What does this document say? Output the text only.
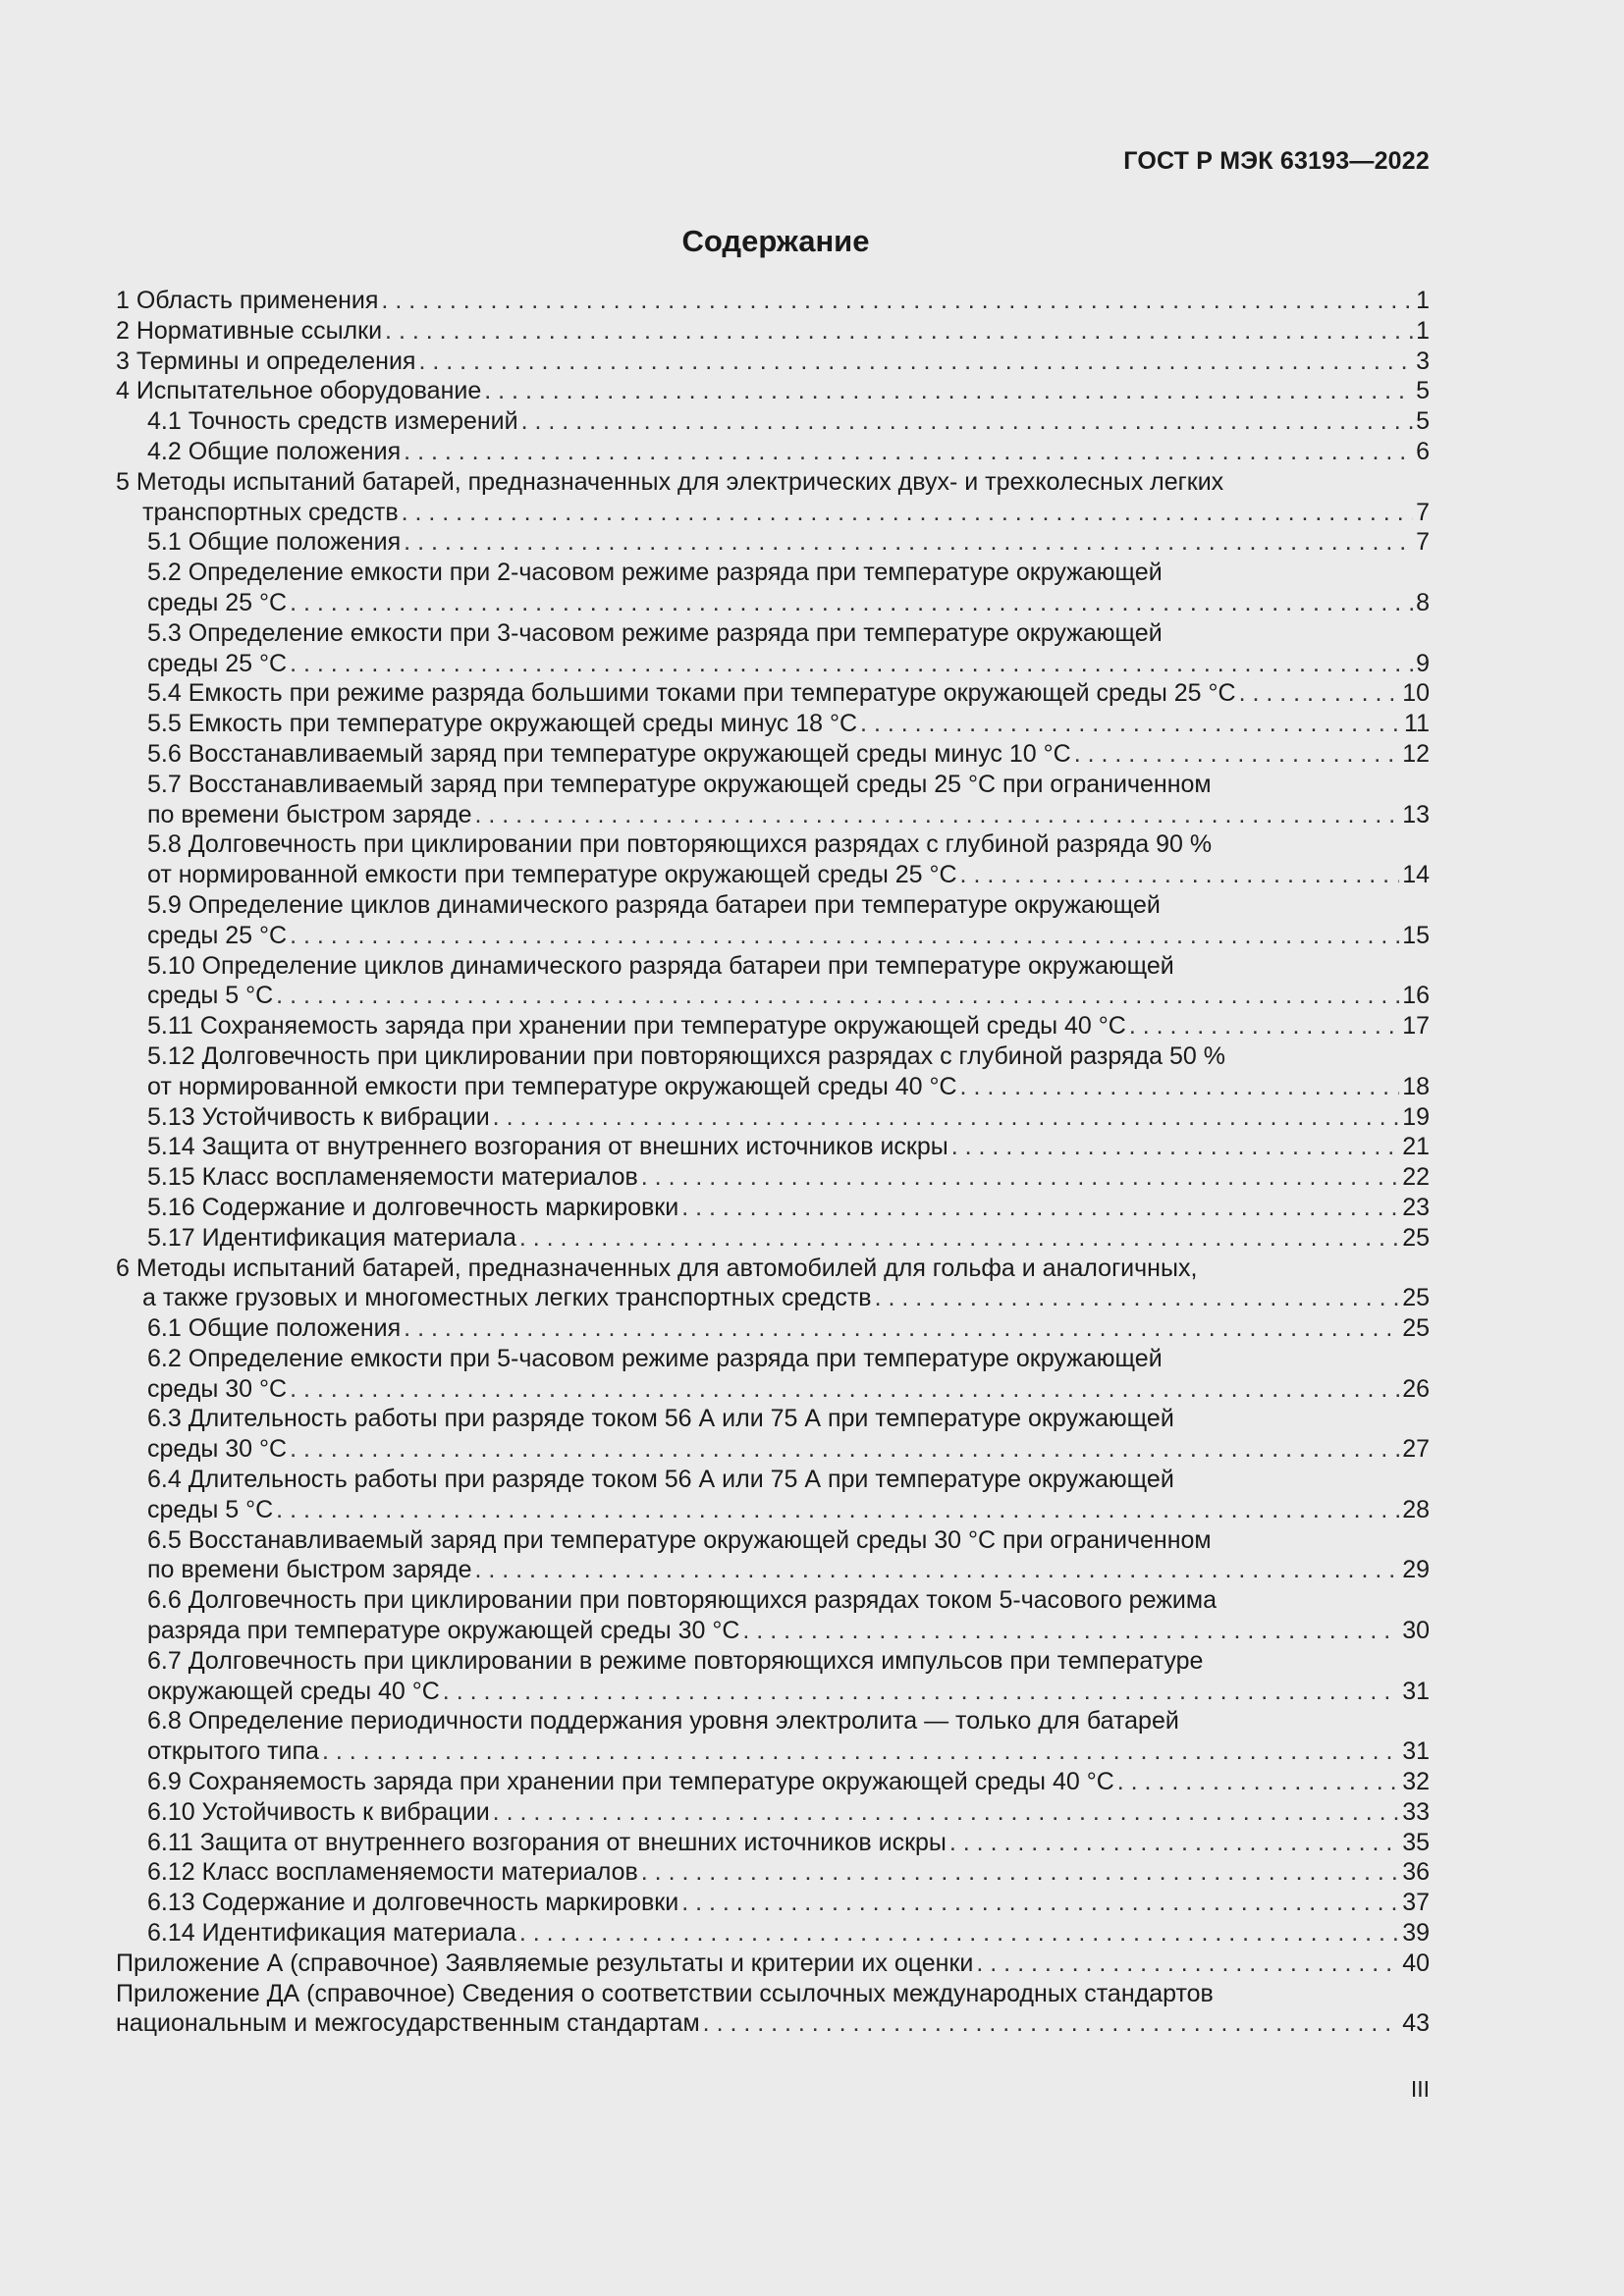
ГОСТ Р МЭК 63193—2022
Содержание
1 Область применения . . .	1
2 Нормативные ссылки . . .	1
3 Термины и определения . . .	3
4 Испытательное оборудование . . .	5
4.1 Точность средств измерений . . .	5
4.2 Общие положения . . .	6
5 Методы испытаний батарей, предназначенных для электрических двух- и трехколесных легких
транспортных средств . . .	7
5.1 Общие положения . . .	7
5.2 Определение емкости при 2-часовом режиме разряда при температуре окружающей
среды 25 °С . . .	8
5.3 Определение емкости при 3-часовом режиме разряда при температуре окружающей
среды 25 °С . . .	9
5.4 Емкость при режиме разряда большими токами при температуре окружающей среды 25 °С . . .	10
5.5 Емкость при температуре окружающей среды минус 18 °С . . .	11
5.6 Восстанавливаемый заряд при температуре окружающей среды минус 10 °С . . .	12
5.7 Восстанавливаемый заряд при температуре окружающей среды 25 °С при ограниченном
по времени быстром заряде . . .	13
5.8 Долговечность при циклировании при повторяющихся разрядах с глубиной разряда 90 %
от нормированной емкости при температуре окружающей среды 25 °С . . .	14
5.9 Определение циклов динамического разряда батареи при температуре окружающей
среды 25 °С . . .	15
5.10 Определение циклов динамического разряда батареи при температуре окружающей
среды 5 °С . . .	16
5.11 Сохраняемость заряда при хранении при температуре окружающей среды 40 °С . . .	17
5.12 Долговечность при циклировании при повторяющихся разрядах с глубиной разряда 50 %
от нормированной емкости при температуре окружающей среды 40 °С . . .	18
5.13 Устойчивость к вибрации . . .	19
5.14 Защита от внутреннего возгорания от внешних источников искры . . .	21
5.15 Класс воспламеняемости материалов . . .	22
5.16 Содержание и долговечность маркировки . . .	23
5.17 Идентификация материала . . .	25
6 Методы испытаний батарей, предназначенных для автомобилей для гольфа и аналогичных,
а также грузовых и многоместных легких транспортных средств . . .	25
6.1 Общие положения . . .	25
6.2 Определение емкости при 5-часовом режиме разряда при температуре окружающей
среды 30 °С . . .	26
6.3 Длительность работы при разряде током 56 А или 75 А при температуре окружающей
среды 30 °С . . .	27
6.4 Длительность работы при разряде током 56 А или 75 А при температуре окружающей
среды 5 °С . . .	28
6.5 Восстанавливаемый заряд при температуре окружающей среды 30 °С при ограниченном
по времени быстром заряде . . .	29
6.6 Долговечность при циклировании при повторяющихся разрядах током 5-часового режима
разряда при температуре окружающей среды 30 °С . . .	30
6.7 Долговечность при циклировании в режиме повторяющихся импульсов при температуре
окружающей среды 40 °С . . .	31
6.8 Определение периодичности поддержания уровня электролита — только для батарей
открытого типа . . .	31
6.9 Сохраняемость заряда при хранении при температуре окружающей среды 40 °С . . .	32
6.10 Устойчивость к вибрации . . .	33
6.11 Защита от внутреннего возгорания от внешних источников искры . . .	35
6.12 Класс воспламеняемости материалов . . .	36
6.13 Содержание и долговечность маркировки . . .	37
6.14 Идентификация материала . . .	39
Приложение А (справочное) Заявляемые результаты и критерии их оценки . . .	40
Приложение ДА (справочное) Сведения о соответствии ссылочных международных стандартов
национальным и межгосударственным стандартам . . .	43
III
